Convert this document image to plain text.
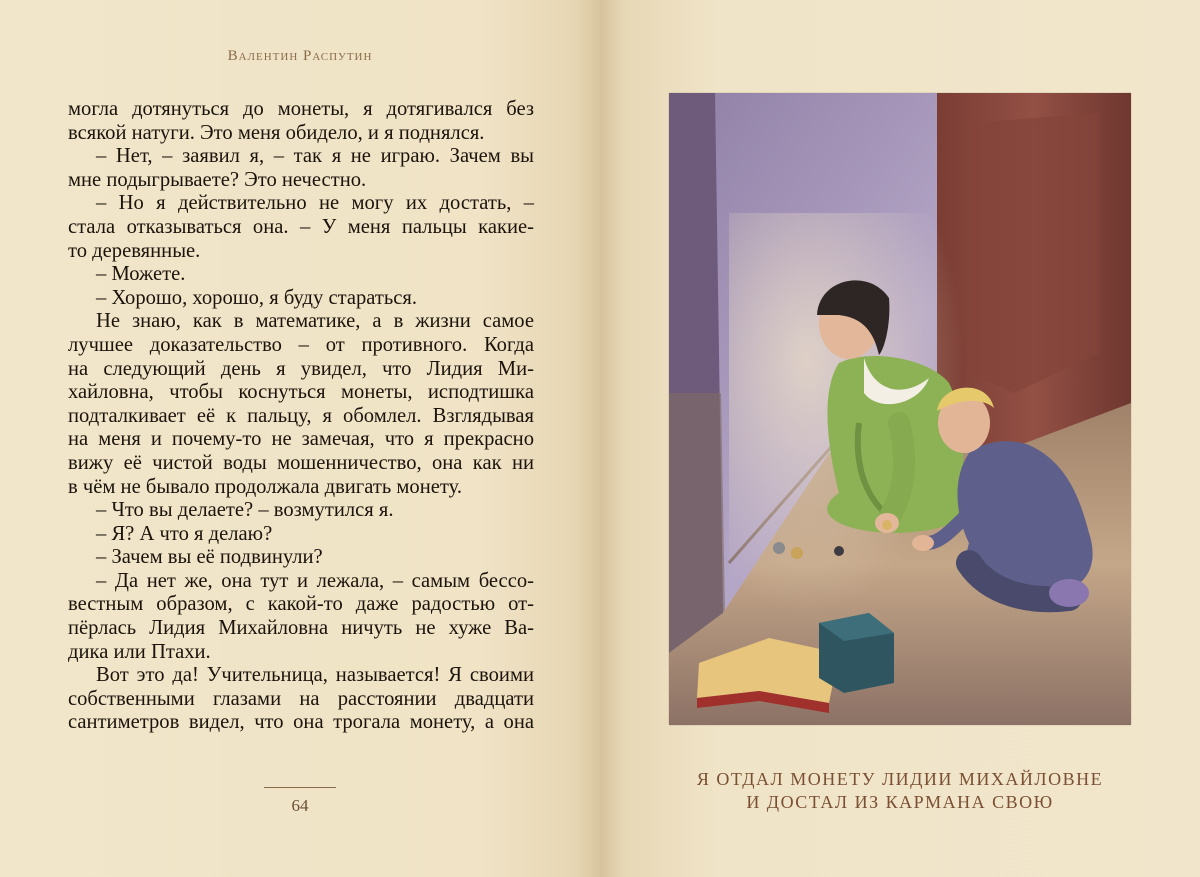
Валентин Распутин
могла дотянуться до монеты, я дотягивался без
всякой натуги. Это меня обидело, и я поднялся.
– Нет, – заявил я, – так я не играю. Зачем вы
мне подыгрываете? Это нечестно.
– Но я действительно не могу их достать, –
стала отказываться она. – У меня пальцы какие-
то деревянные.
– Можете.
– Хорошо, хорошо, я буду стараться.
Не знаю, как в математике, а в жизни самое
лучшее доказательство – от противного. Когда
на следующий день я увидел, что Лидия Ми-
хайловна, чтобы коснуться монеты, исподтишка
подталкивает её к пальцу, я обомлел. Взглядывая
на меня и почему-то не замечая, что я прекрасно
вижу её чистой воды мошенничество, она как ни
в чём не бывало продолжала двигать монету.
– Что вы делаете? – возмутился я.
– Я? А что я делаю?
– Зачем вы её подвинули?
– Да нет же, она тут и лежала, – самым бессо-
вестным образом, с какой-то даже радостью от-
пёрлась Лидия Михайловна ничуть не хуже Ва-
дика или Птахи.
Вот это да! Учительница, называется! Я своими
собственными глазами на расстоянии двадцати
сантиметров видел, что она трогала монету, а она
64
Я ОТДАЛ МОНЕТУ ЛИДИИ МИХАЙЛОВНЕ
И ДОСТАЛ ИЗ КАРМАНА СВОЮ
